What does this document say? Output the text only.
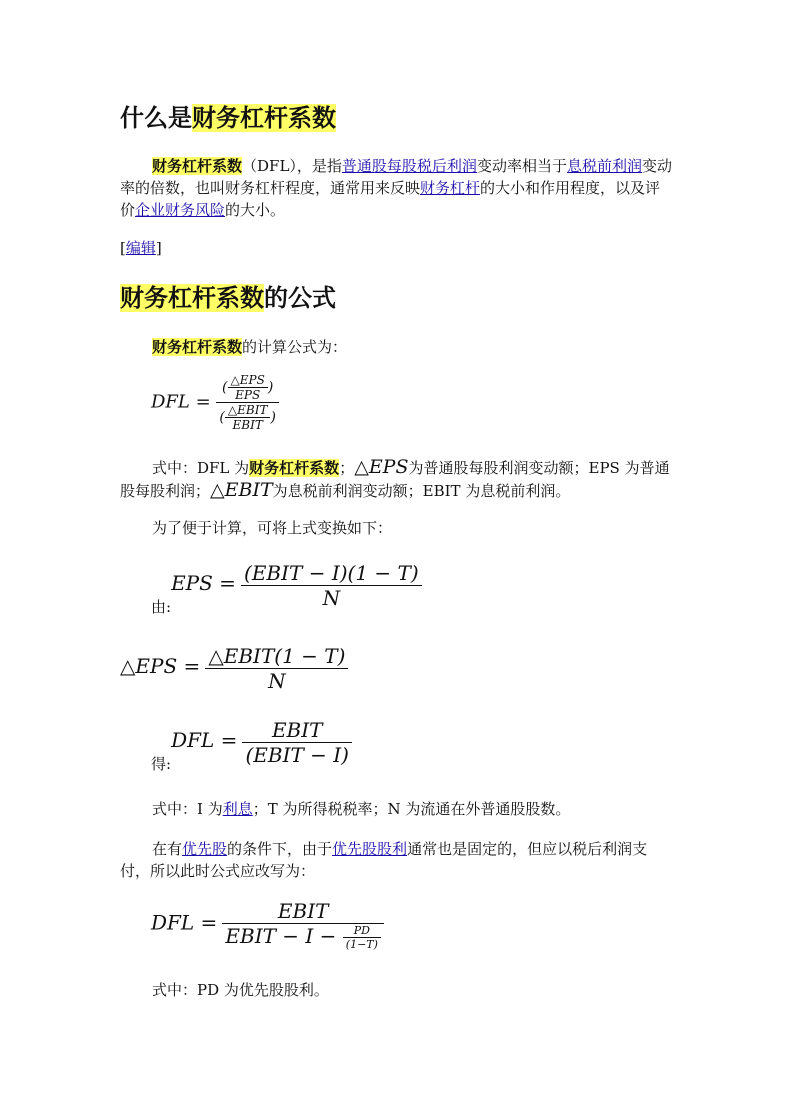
什么是财务杠杆系数
财务杠杆系数（DFL），是指普通股每股税后利润变动率相当于息税前利润变动率的倍数，也叫财务杠杆程度，通常用来反映财务杠杆的大小和作用程度，以及评价企业财务风险的大小。
[编辑]
财务杠杆系数的公式
财务杠杆系数的计算公式为：
DFL = $\frac{( \frac{\text{△EPS}}{\text{EPS}} )}{( \frac{\text{△EBIT}}{\text{EBIT}} )}$
式中：DFL 为财务杠杆系数；△EPS为普通股每股利润变动额；EPS 为普通股每股利润；△EBIT为息税前利润变动额；EBIT 为息税前利润。
为了便于计算，可将上式变换如下：
由:EPS = $\frac{\text{(EBIT − I)(1 − T)}}{N}$
△EPS = $\frac{\text{△EBIT(1 − T)}}{N}$
得:DFL = $\frac{\text{EBIT}}{\text{(EBIT − I)}}$
式中：I 为利息；T 为所得税税率；N 为流通在外普通股股数。
在有优先股的条件下，由于优先股股利通常也是固定的，但应以税后利润支付，所以此时公式应改写为：
DFL = $\frac{\text{EBIT}}{EBIT - I - \frac{PD}{(1-T)}}$
式中：PD 为优先股股利。
